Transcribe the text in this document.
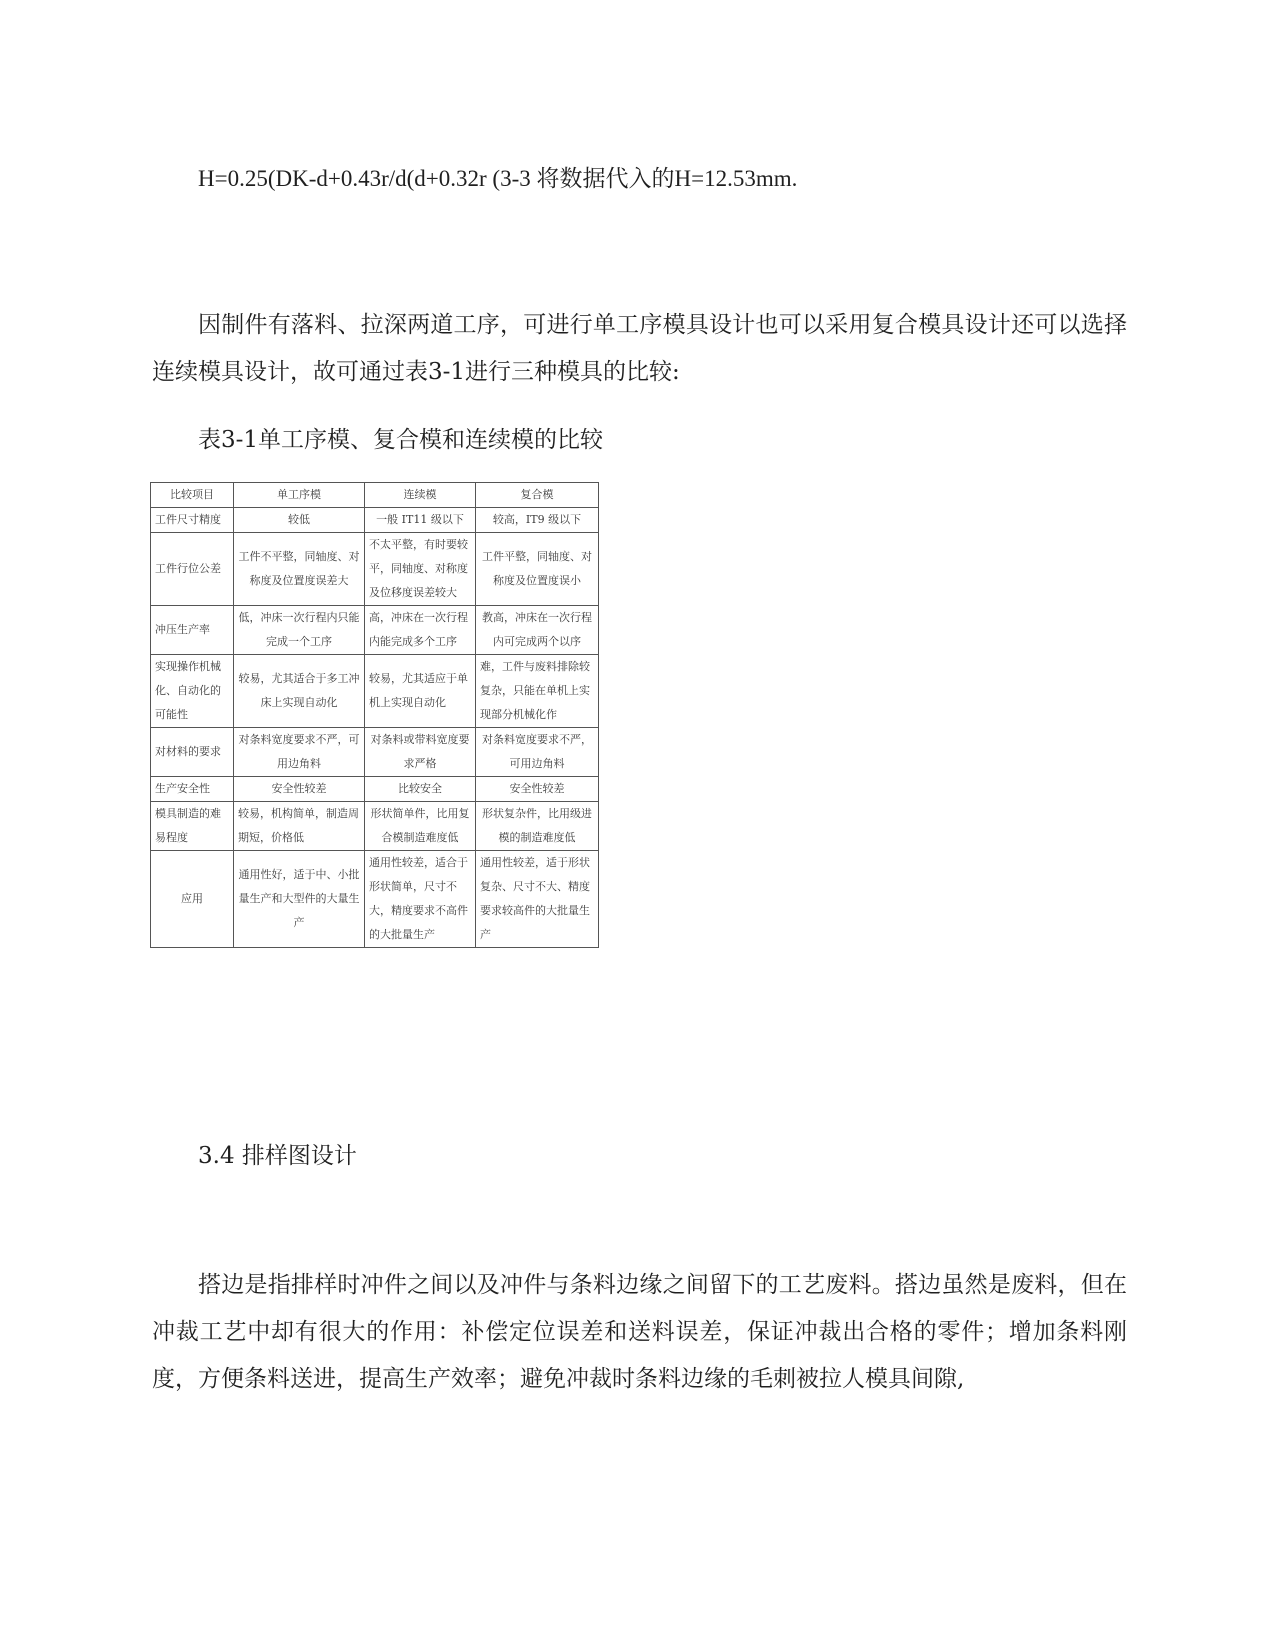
H=0.25(DK-d+0.43r/d(d+0.32r (3-3 将数据代入的H=12.53mm.
因制件有落料、拉深两道工序，可进行单工序模具设计也可以采用复合模具设计还可以选择连续模具设计，故可通过表3-1进行三种模具的比较:
表3-1单工序模、复合模和连续模的比较
比较项目	单工序模	连续模	复合模
工件尺寸精度	较低	一般 IT11 级以下	较高，IT9 级以下
工件行位公差	工件不平整，同轴度、对称度及位置度误差大	不太平整，有时要较平，同轴度、对称度及位移度误差较大	工件平整，同轴度、对称度及位置度误小
冲压生产率	低，冲床一次行程内只能完成一个工序	高，冲床在一次行程内能完成多个工序	教高，冲床在一次行程内可完成两个以序
实现操作机械化、自动化的可能性	较易，尤其适合于多工冲床上实现自动化	较易，尤其适应于单机上实现自动化	难，工件与废料排除较复杂，只能在单机上实现部分机械化作
对材料的要求	对条料宽度要求不严，可用边角料	对条料或带料宽度要求严格	对条料宽度要求不严，可用边角料
生产安全性	安全性较差	比较安全	安全性较差
模具制造的难易程度	较易，机构简单，制造周期短，价格低	形状简单件，比用复合模制造难度低	形状复杂件，比用级进模的制造难度低
应用	通用性好，适于中、小批量生产和大型件的大量生产	通用性较差，适合于形状简单，尺寸不大，精度要求不高件的大批量生产	通用性较差，适于形状复杂、尺寸不大、精度要求较高件的大批量生产
3.4 排样图设计
搭边是指排样时冲件之间以及冲件与条料边缘之间留下的工艺废料。搭边虽然是废料，但在冲裁工艺中却有很大的作用：补偿定位误差和送料误差，保证冲裁出合格的零件；增加条料刚度，方便条料送进，提高生产效率；避免冲裁时条料边缘的毛刺被拉人模具间隙,
